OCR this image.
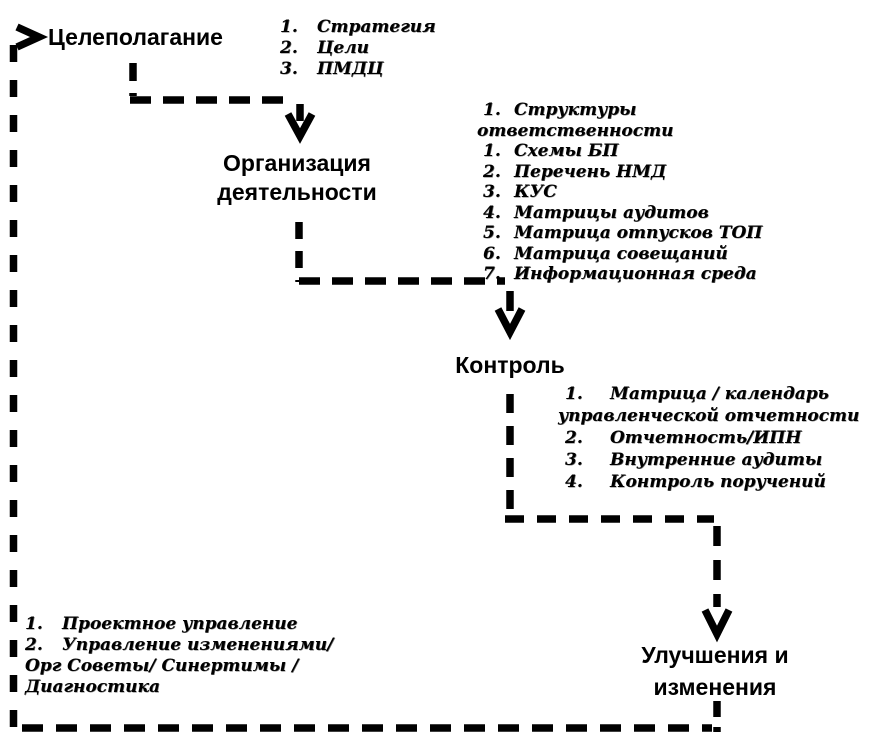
Целеполагание
Организация
деятельности
Контроль
Улучшения и
изменения
1. Стратегия
2. Цели
3. ПМДЦ
1. Структуры
ответственности
1. Схемы БП
2. Перечень НМД
3. КУС
4. Матрицы аудитов
5. Матрица отпусков ТОП
6. Матрица совещаний
7. Информационная среда
1. Матрица / календарь
управленческой отчетности
2. Отчетность/ИПН
3. Внутренние аудиты
4. Контроль поручений
1. Проектное управление
2. Управление изменениями/
Орг Советы/ Синертимы /
Диагностика
